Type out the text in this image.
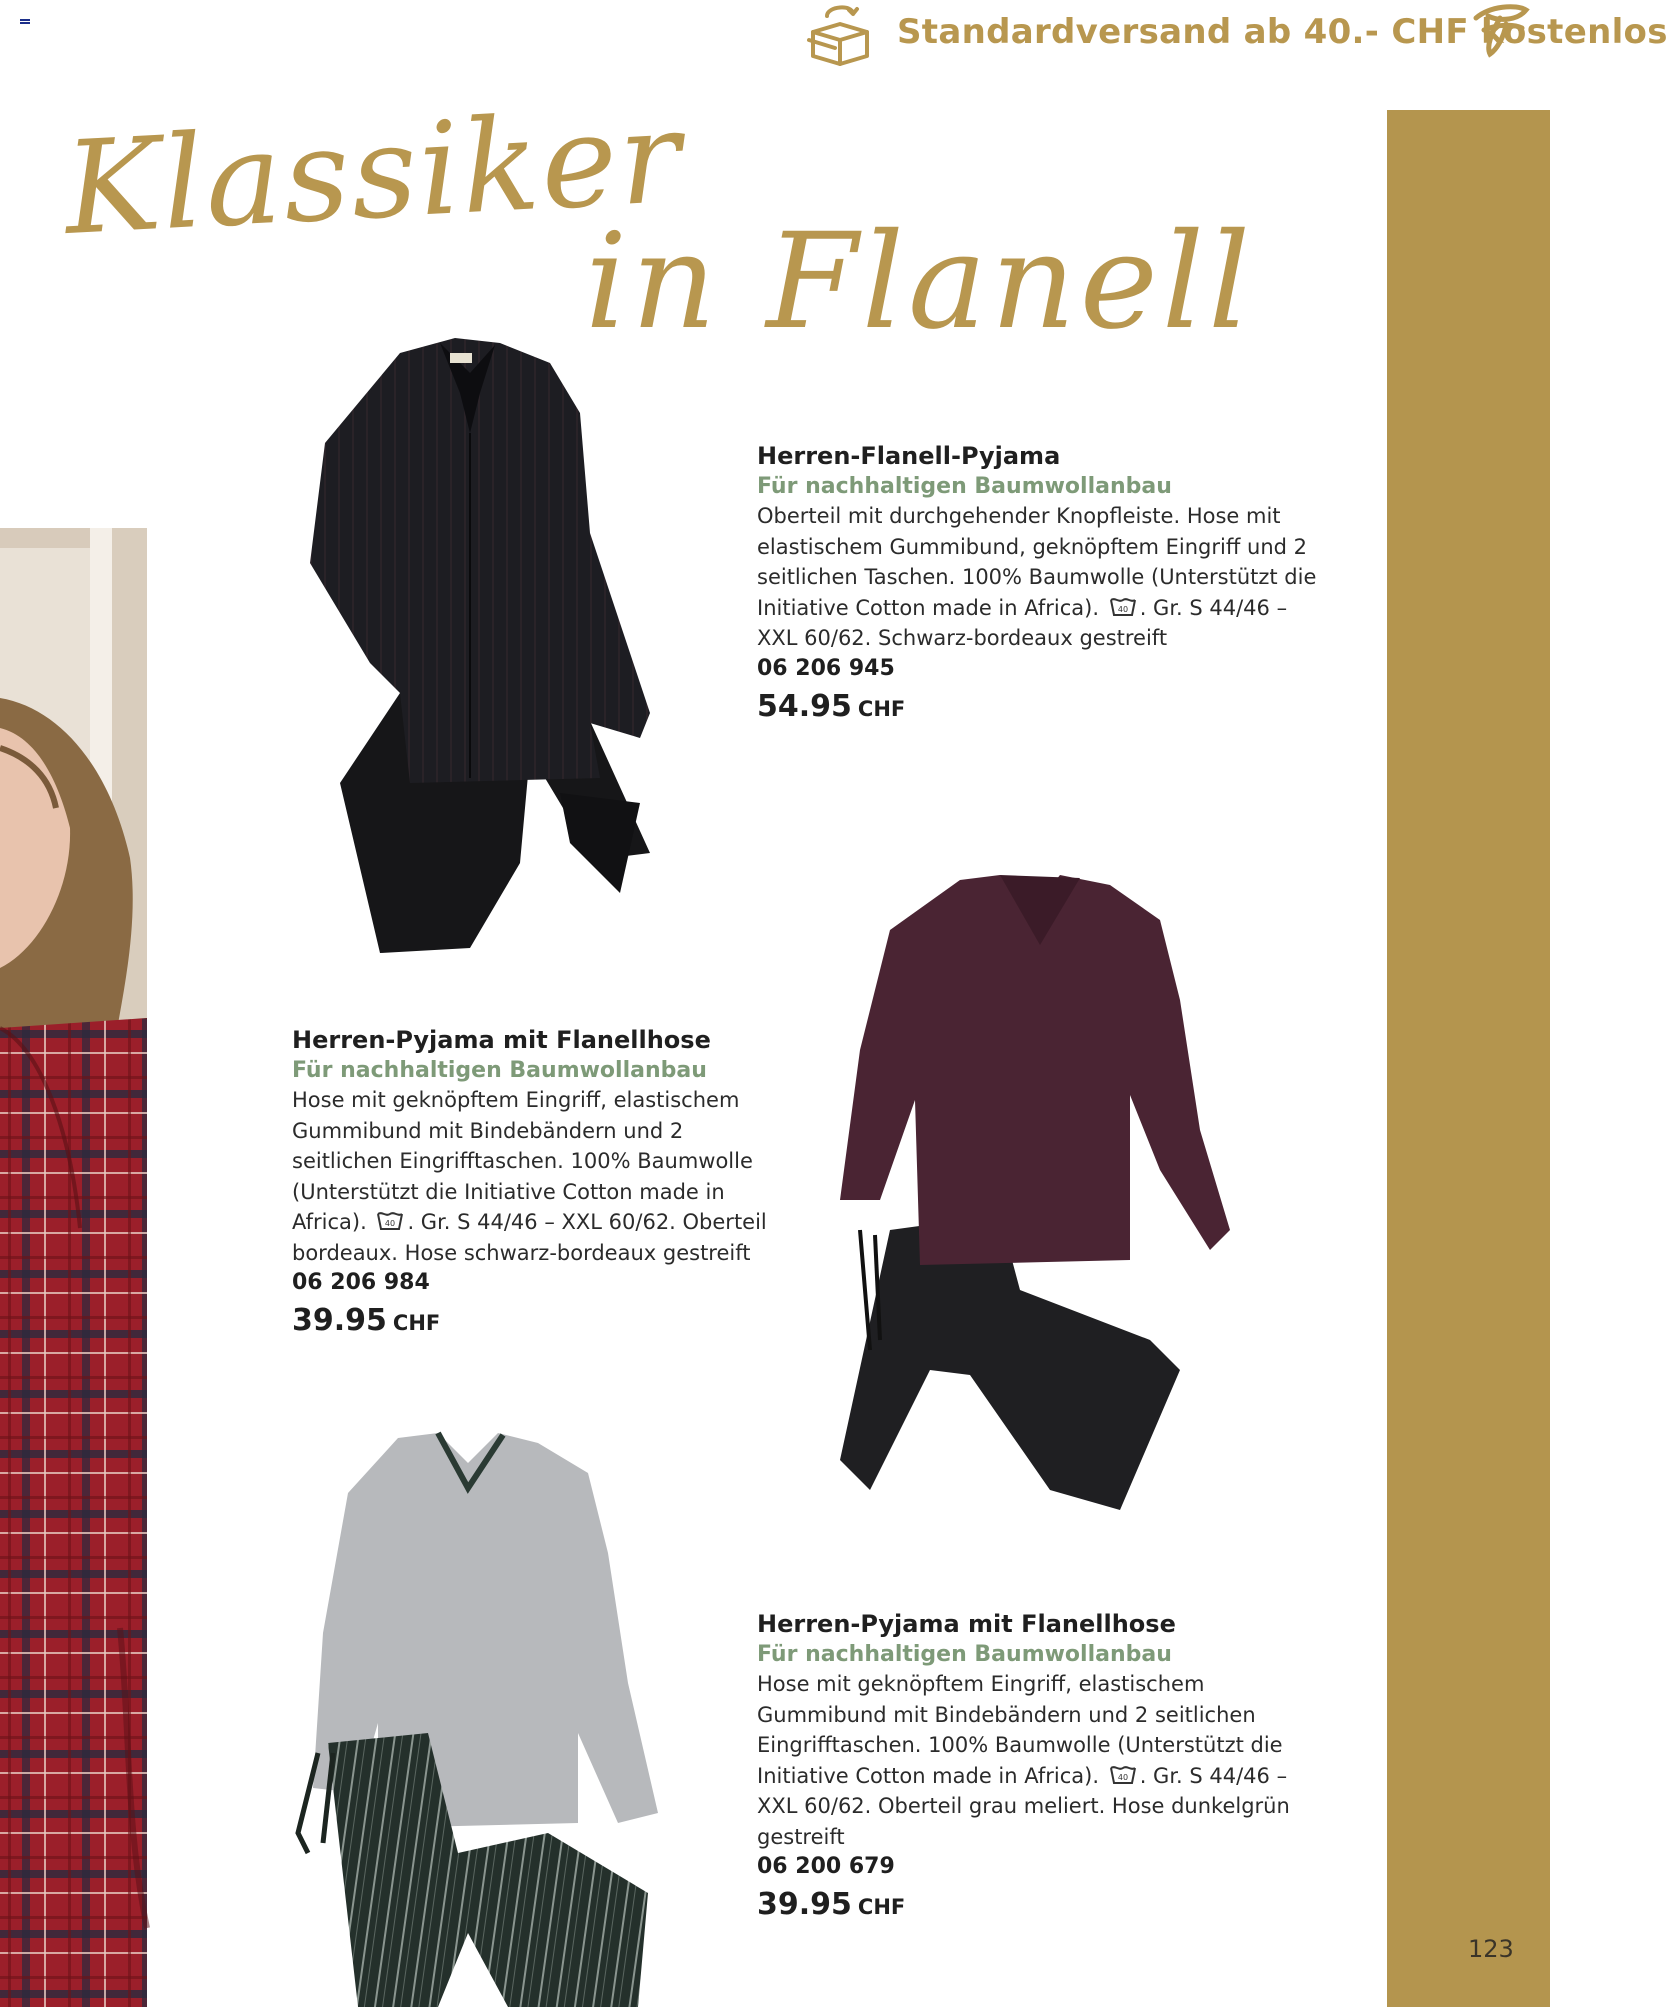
Standardversand ab 40.- CHF kostenlos
Klassiker
in Flanell
123
Herren-Flanell-Pyjama
Für nachhaltigen Baumwollanbau
Oberteil mit durchgehender Knopfleiste. Hose mit elastischem Gummibund, geknöpftem Eingriff und 2 seitlichen Taschen. 100% Baumwolle (Unterstützt die Initiative Cotton made in Africa). 40 . Gr. S 44/46 – XXL 60/62. Schwarz-bordeaux gestreift
06 206 945
54.95 CHF
Herren-Pyjama mit Flanellhose
Für nachhaltigen Baumwollanbau
Hose mit geknöpftem Eingriff, elastischem Gummibund mit Bindebändern und 2 seitlichen Eingrifftaschen. 100% Baumwolle (Unterstützt die Initiative Cotton made in Africa). 40 . Gr. S 44/46 – XXL 60/62. Oberteil bordeaux. Hose schwarz-bordeaux gestreift
06 206 984
39.95 CHF
Herren-Pyjama mit Flanellhose
Für nachhaltigen Baumwollanbau
Hose mit geknöpftem Eingriff, elastischem Gummibund mit Bindebändern und 2 seitlichen Eingrifftaschen. 100% Baumwolle (Unterstützt die Initiative Cotton made in Africa). 40 . Gr. S 44/46 – XXL 60/62. Oberteil grau meliert. Hose dunkelgrün gestreift
06 200 679
39.95 CHF
